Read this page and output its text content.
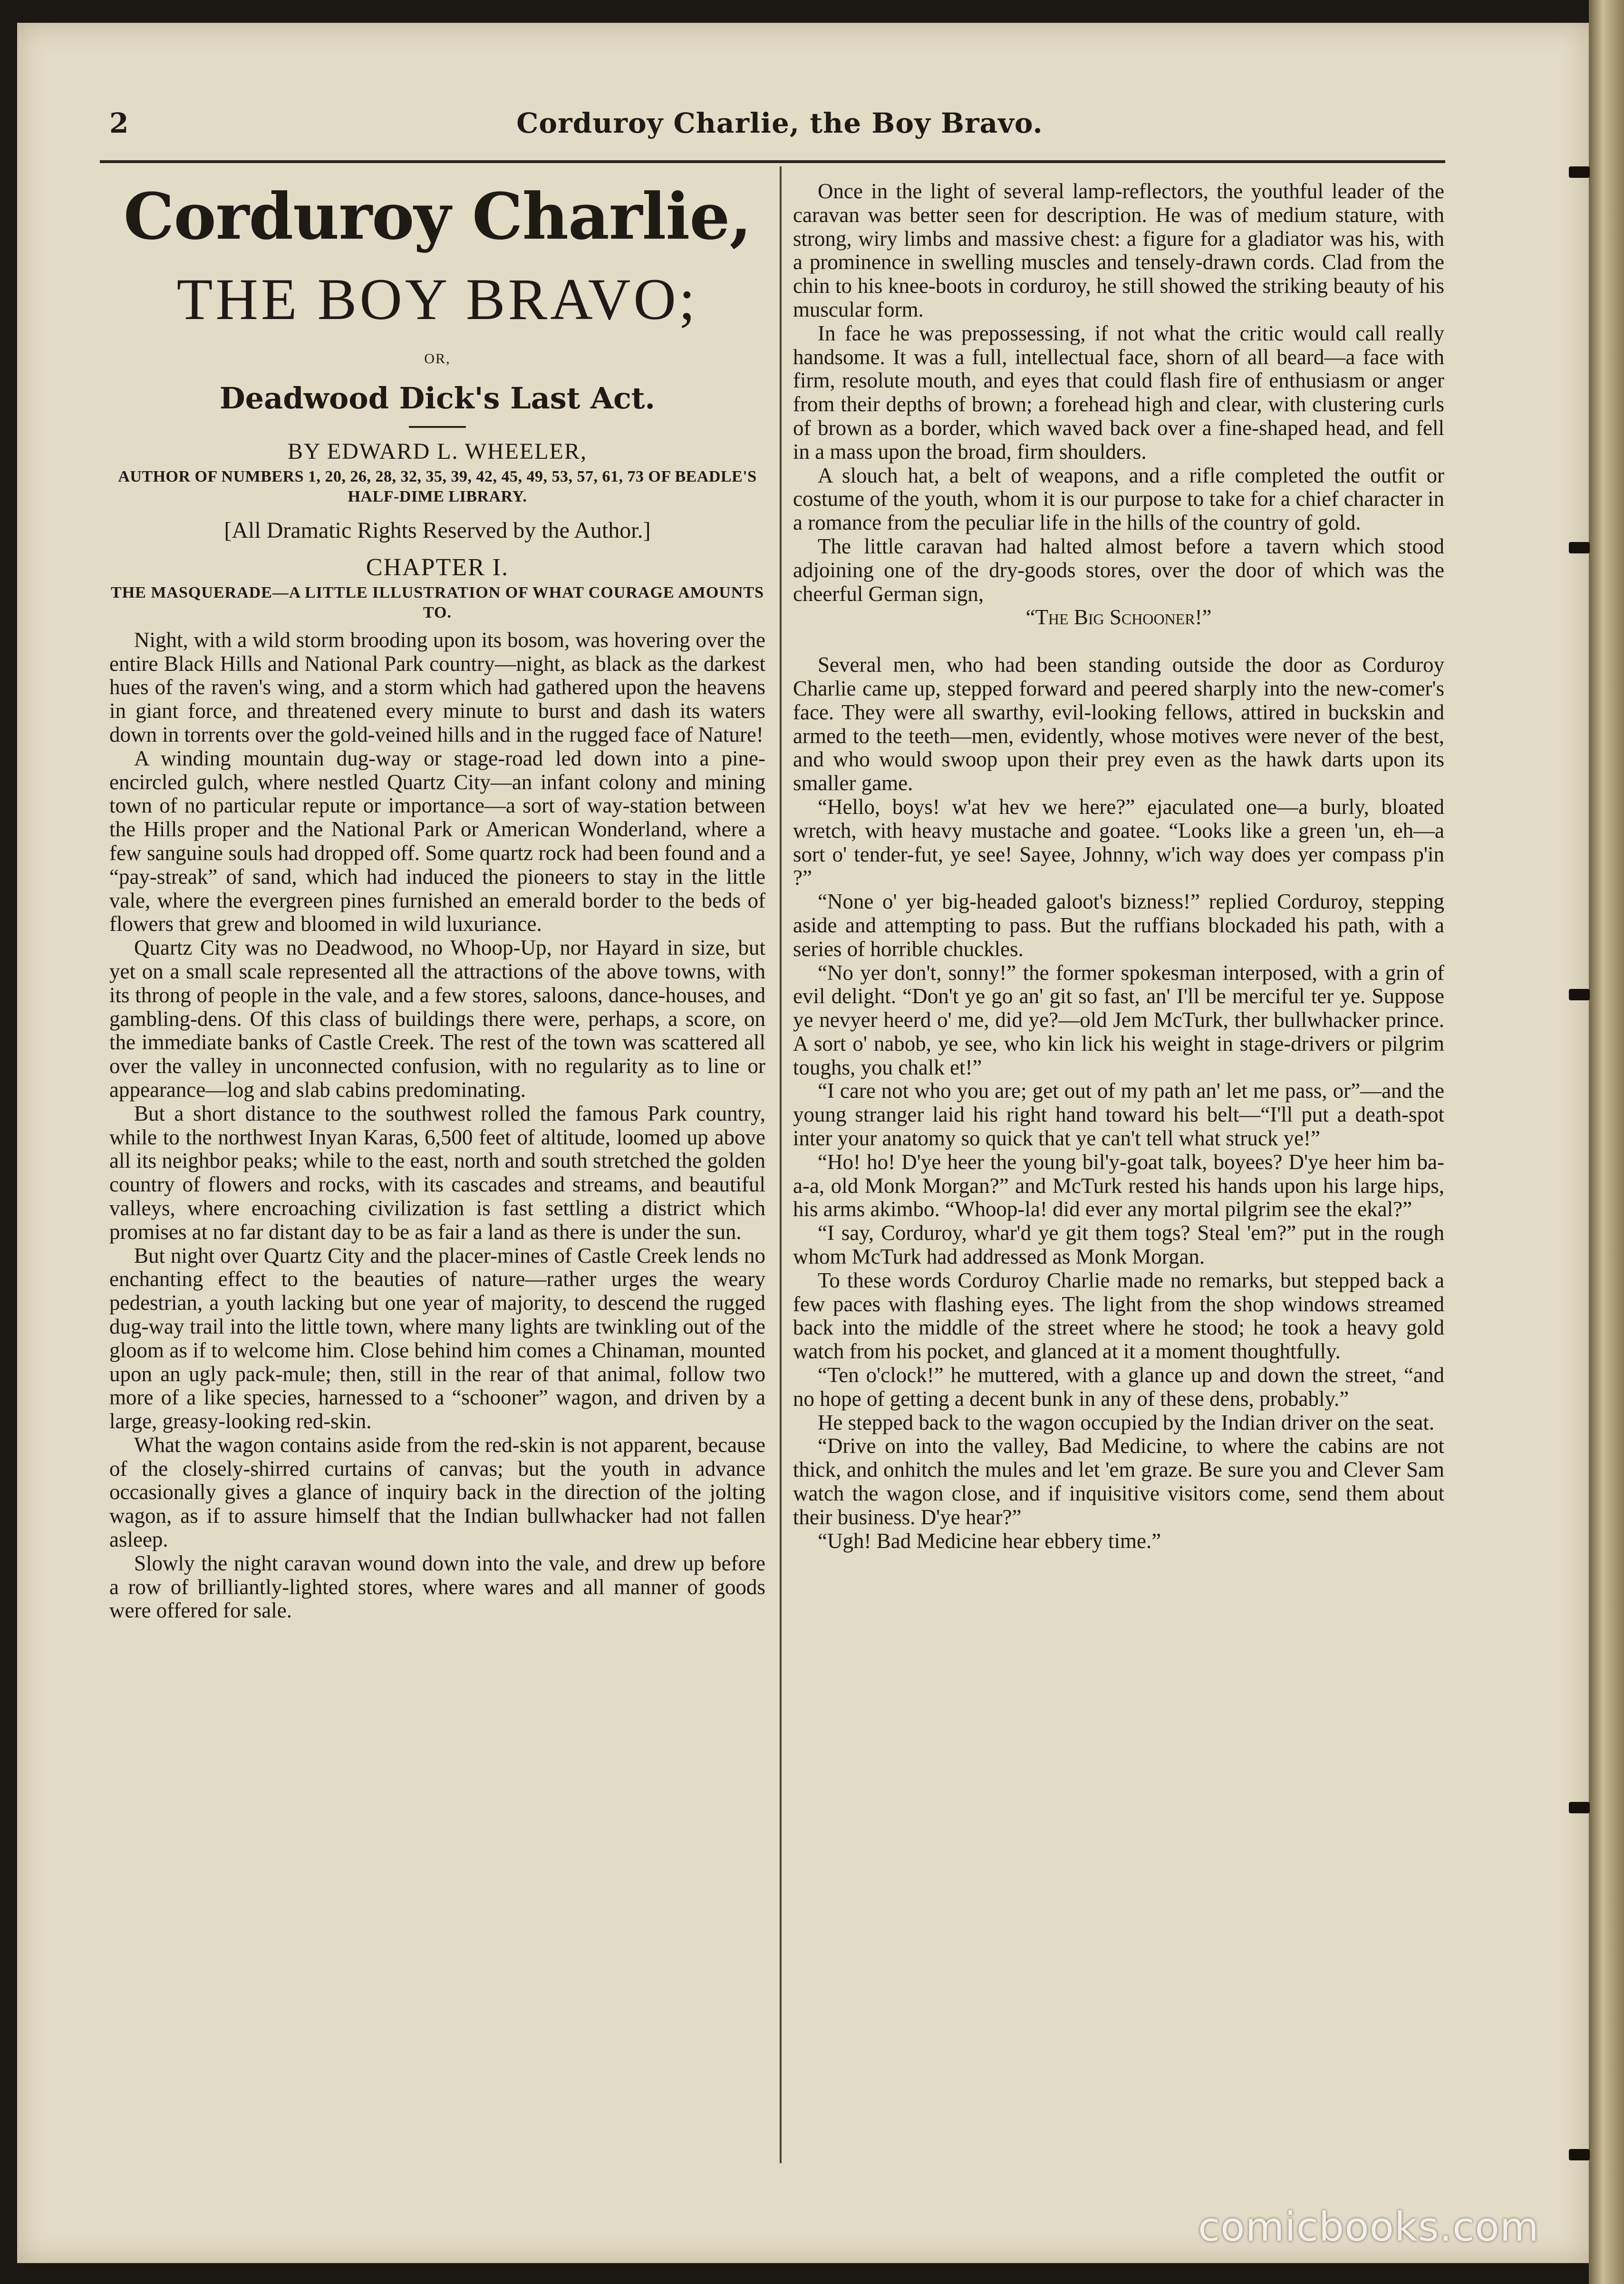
2	Corduroy Charlie, the Boy Bravo.
Corduroy Charlie,
THE BOY BRAVO;
OR,
Deadwood Dick's Last Act.
BY EDWARD L. WHEELER,
AUTHOR OF NUMBERS 1, 20, 26, 28, 32, 35, 39, 42, 45, 49, 53, 57, 61, 73 OF BEADLE'S HALF-DIME LIBRARY.
[All Dramatic Rights Reserved by the Author.]
CHAPTER I.
THE MASQUERADE—A LITTLE ILLUSTRATION OF WHAT COURAGE AMOUNTS TO.

Night, with a wild storm brooding upon its bosom, was hovering over the entire Black Hills and National Park country—night, as black as the darkest hues of the raven's wing, and a storm which had gathered upon the heavens in giant force, and threatened every minute to burst and dash its waters down in torrents over the gold-veined hills and in the rugged face of Nature!

A winding mountain dug-way or stage-road led down into a pine-encircled gulch, where nestled Quartz City—an infant colony and mining town of no particular repute or importance—a sort of way-station between the Hills proper and the National Park or American Wonderland, where a few sanguine souls had dropped off. Some quartz rock had been found and a “pay-streak” of sand, which had induced the pioneers to stay in the little vale, where the evergreen pines furnished an emerald border to the beds of flowers that grew and bloomed in wild luxuriance.

Quartz City was no Deadwood, no Whoop-Up, nor Hayard in size, but yet on a small scale represented all the attractions of the above towns, with its throng of people in the vale, and a few stores, saloons, dance-houses, and gambling-dens. Of this class of buildings there were, perhaps, a score, on the immediate banks of Castle Creek. The rest of the town was scattered all over the valley in unconnected confusion, with no regularity as to line or appearance—log and slab cabins predominating.

But a short distance to the southwest rolled the famous Park country, while to the northwest Inyan Karas, 6,500 feet of altitude, loomed up above all its neighbor peaks; while to the east, north and south stretched the golden country of flowers and rocks, with its cascades and streams, and beautiful valleys, where encroaching civilization is fast settling a district which promises at no far distant day to be as fair a land as there is under the sun.

But night over Quartz City and the placer-mines of Castle Creek lends no enchanting effect to the beauties of nature—rather urges the weary pedestrian, a youth lacking but one year of majority, to descend the rugged dug-way trail into the little town, where many lights are twinkling out of the gloom as if to welcome him. Close behind him comes a Chinaman, mounted upon an ugly pack-mule; then, still in the rear of that animal, follow two more of a like species, harnessed to a “schooner” wagon, and driven by a large, greasy-looking red-skin.

What the wagon contains aside from the red-skin is not apparent, because of the closely-shirred curtains of canvas; but the youth in advance occasionally gives a glance of inquiry back in the direction of the jolting wagon, as if to assure himself that the Indian bullwhacker had not fallen asleep.

Slowly the night caravan wound down into the vale, and drew up before a row of brilliantly-lighted stores, where wares and all manner of goods were offered for sale.

Once in the light of several lamp-reflectors, the youthful leader of the caravan was better seen for description. He was of medium stature, with strong, wiry limbs and massive chest: a figure for a gladiator was his, with a prominence in swelling muscles and tensely-drawn cords. Clad from the chin to his knee-boots in corduroy, he still showed the striking beauty of his muscular form.

In face he was prepossessing, if not what the critic would call really handsome. It was a full, intellectual face, shorn of all beard—a face with firm, resolute mouth, and eyes that could flash fire of enthusiasm or anger from their depths of brown; a forehead high and clear, with clustering curls of brown as a border, which waved back over a fine-shaped head, and fell in a mass upon the broad, firm shoulders.

A slouch hat, a belt of weapons, and a rifle completed the outfit or costume of the youth, whom it is our purpose to take for a chief character in a romance from the peculiar life in the hills of the country of gold.

The little caravan had halted almost before a tavern which stood adjoining one of the dry-goods stores, over the door of which was the cheerful German sign,

“The Big Schooner!”

Several men, who had been standing outside the door as Corduroy Charlie came up, stepped forward and peered sharply into the new-comer's face. They were all swarthy, evil-looking fellows, attired in buckskin and armed to the teeth—men, evidently, whose motives were never of the best, and who would swoop upon their prey even as the hawk darts upon its smaller game.

“Hello, boys! w'at hev we here?” ejaculated one—a burly, bloated wretch, with heavy mustache and goatee. “Looks like a green 'un, eh—a sort o' tender-fut, ye see! Sayee, Johnny, w'ich way does yer compass p'in ?”

“None o' yer big-headed galoot's bizness!” replied Corduroy, stepping aside and attempting to pass. But the ruffians blockaded his path, with a series of horrible chuckles.

“No yer don't, sonny!” the former spokesman interposed, with a grin of evil delight. “Don't ye go an' git so fast, an' I'll be merciful ter ye. Suppose ye nevyer heerd o' me, did ye?—old Jem McTurk, ther bullwhacker prince. A sort o' nabob, ye see, who kin lick his weight in stage-drivers or pilgrim toughs, you chalk et!”

“I care not who you are; get out of my path an' let me pass, or”—and the young stranger laid his right hand toward his belt—“I'll put a death-spot inter your anatomy so quick that ye can't tell what struck ye!”

“Ho! ho! D'ye heer the young bil'y-goat talk, boyees? D'ye heer him ba-a-a, old Monk Morgan?” and McTurk rested his hands upon his large hips, his arms akimbo. “Whoop-la! did ever any mortal pilgrim see the ekal?”

“I say, Corduroy, whar'd ye git them togs? Steal 'em?” put in the rough whom McTurk had addressed as Monk Morgan.

To these words Corduroy Charlie made no remarks, but stepped back a few paces with flashing eyes. The light from the shop windows streamed back into the middle of the street where he stood; he took a heavy gold watch from his pocket, and glanced at it a moment thoughtfully.

“Ten o'clock!” he muttered, with a glance up and down the street, “and no hope of getting a decent bunk in any of these dens, probably.”

He stepped back to the wagon occupied by the Indian driver on the seat.

“Drive on into the valley, Bad Medicine, to where the cabins are not thick, and onhitch the mules and let 'em graze. Be sure you and Clever Sam watch the wagon close, and if inquisitive visitors come, send them about their business. D'ye hear?”

“Ugh! Bad Medicine hear ebbery time.”

comicbooks.com
